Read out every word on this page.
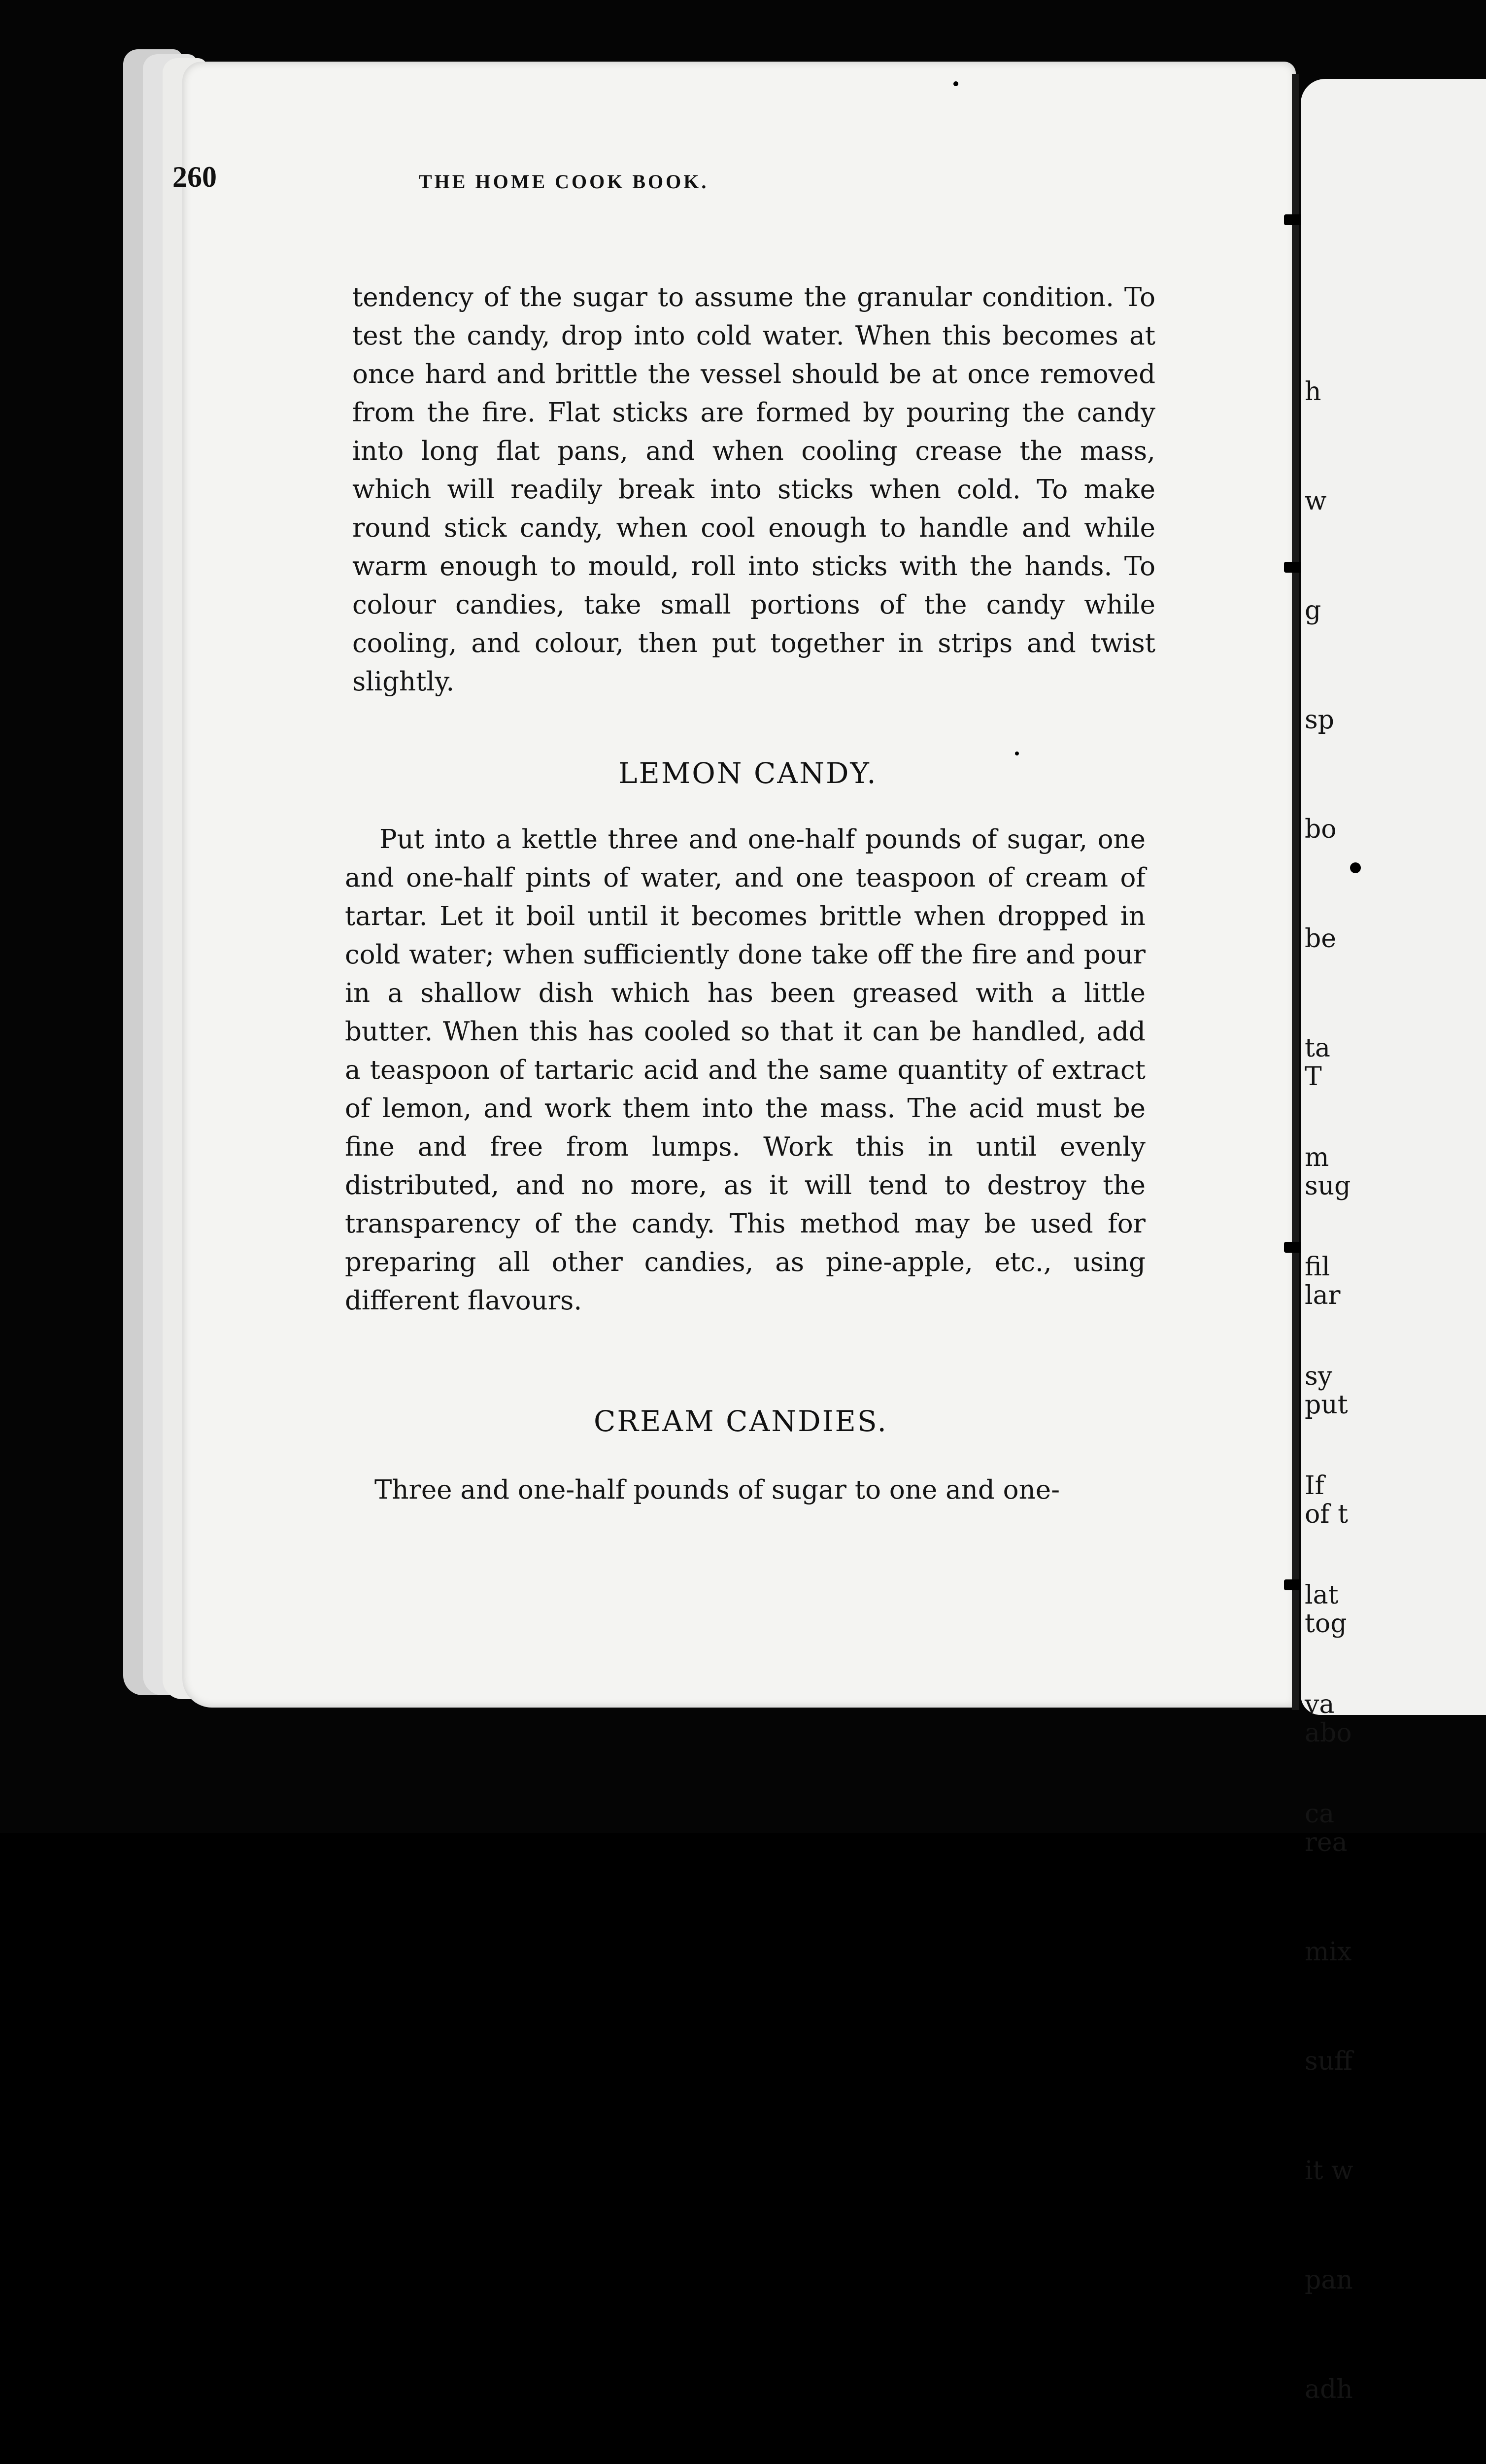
260	THE HOME COOK BOOK.

tendency of the sugar to assume the granular condition. To test the candy, drop into cold water. When this becomes at once hard and brittle the vessel should be at once removed from the fire. Flat sticks are formed by pouring the candy into long flat pans, and when cooling crease the mass, which will readily break into sticks when cold. To make round stick candy, when cool enough to handle and while warm enough to mould, roll into sticks with the hands. To colour candies, take small portions of the candy while cooling, and colour, then put together in strips and twist slightly.

LEMON CANDY.

Put into a kettle three and one-half pounds of sugar, one and one-half pints of water, and one teaspoon of cream of tartar. Let it boil until it becomes brittle when dropped in cold water; when sufficiently done take off the fire and pour in a shallow dish which has been greased with a little butter. When this has cooled so that it can be handled, add a teaspoon of tartaric acid and the same quantity of extract of lemon, and work them into the mass. The acid must be fine and free from lumps. Work this in until evenly distributed, and no more, as it will tend to destroy the transparency of the candy. This method may be used for preparing all other candies, as pine-apple, etc., using different flavours.

CREAM CANDIES.

Three and one-half pounds of sugar to one and one-

h

w

g

sp

bo

be

ta

m

fil

sy

If

lat

va

ca

T

sug

lar

put

of t

tog

abo

rea

mix

suff

it w

pan

adh
